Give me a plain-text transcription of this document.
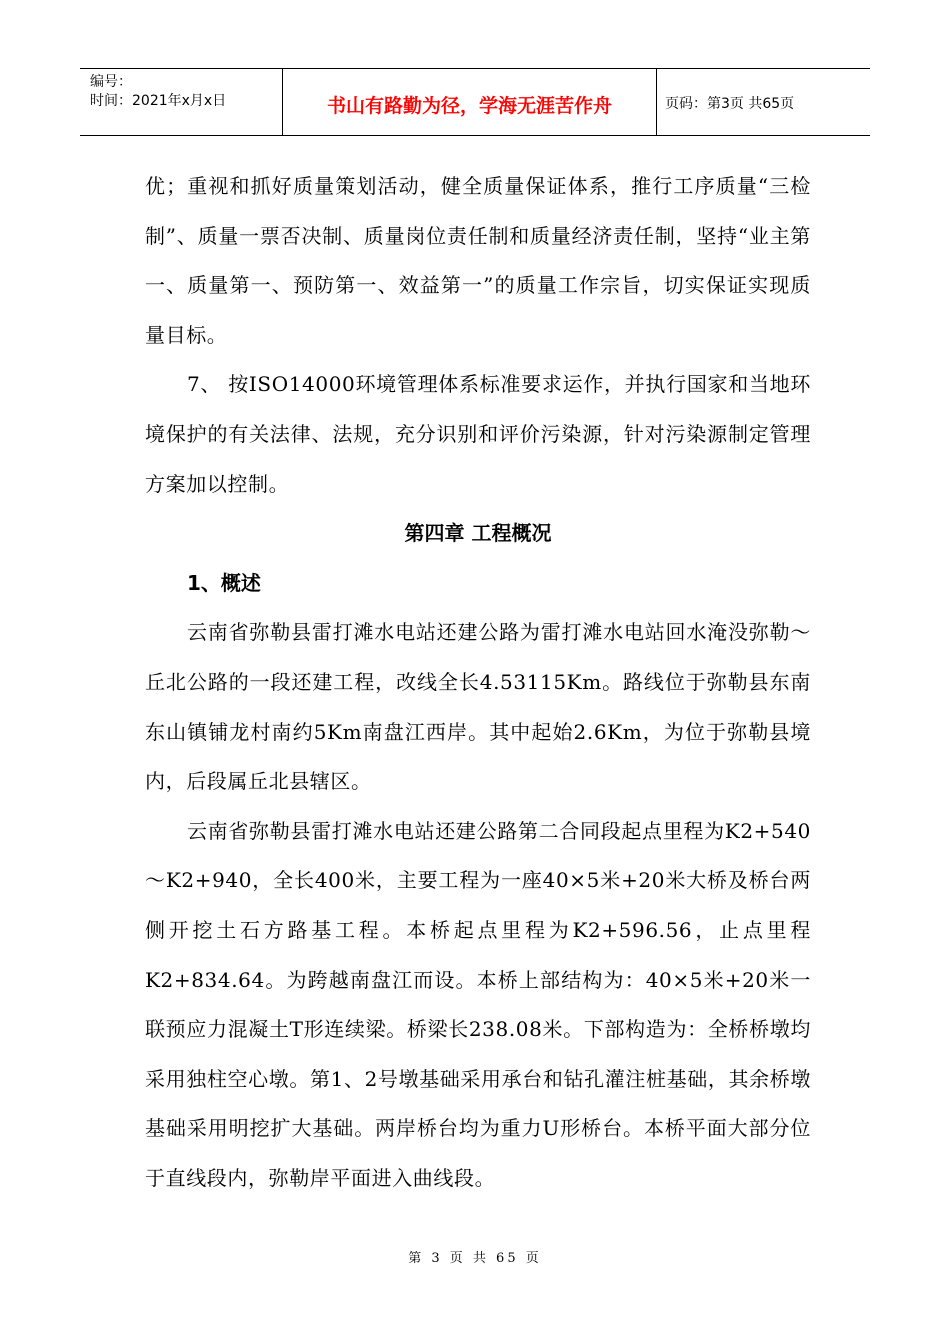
编号：
时间：2021年x月x日	书山有路勤为径，学海无涯苦作舟	页码：第3页 共65页

优；重视和抓好质量策划活动，健全质量保证体系，推行工序质量“三检制”、质量一票否决制、质量岗位责任制和质量经济责任制，坚持“业主第一、质量第一、预防第一、效益第一”的质量工作宗旨，切实保证实现质量目标。

7、 按ISO14000环境管理体系标准要求运作，并执行国家和当地环境保护的有关法律、法规，充分识别和评价污染源，针对污染源制定管理方案加以控制。

第四章 工程概况

1、概述

云南省弥勒县雷打滩水电站还建公路为雷打滩水电站回水淹没弥勒～丘北公路的一段还建工程，改线全长4.53115Km。路线位于弥勒县东南东山镇铺龙村南约5Km南盘江西岸。其中起始2.6Km，为位于弥勒县境内，后段属丘北县辖区。

云南省弥勒县雷打滩水电站还建公路第二合同段起点里程为K2+540～K2+940，全长400米，主要工程为一座40×5米+20米大桥及桥台两侧开挖土石方路基工程。本桥起点里程为K2+596.56，止点里程K2+834.64。为跨越南盘江而设。本桥上部结构为：40×5米+20米一联预应力混凝土T形连续梁。桥梁长238.08米。下部构造为：全桥桥墩均采用独柱空心墩。第1、2号墩基础采用承台和钻孔灌注桩基础，其余桥墩基础采用明挖扩大基础。两岸桥台均为重力U形桥台。本桥平面大部分位于直线段内，弥勒岸平面进入曲线段。

第 3 页 共 65 页
